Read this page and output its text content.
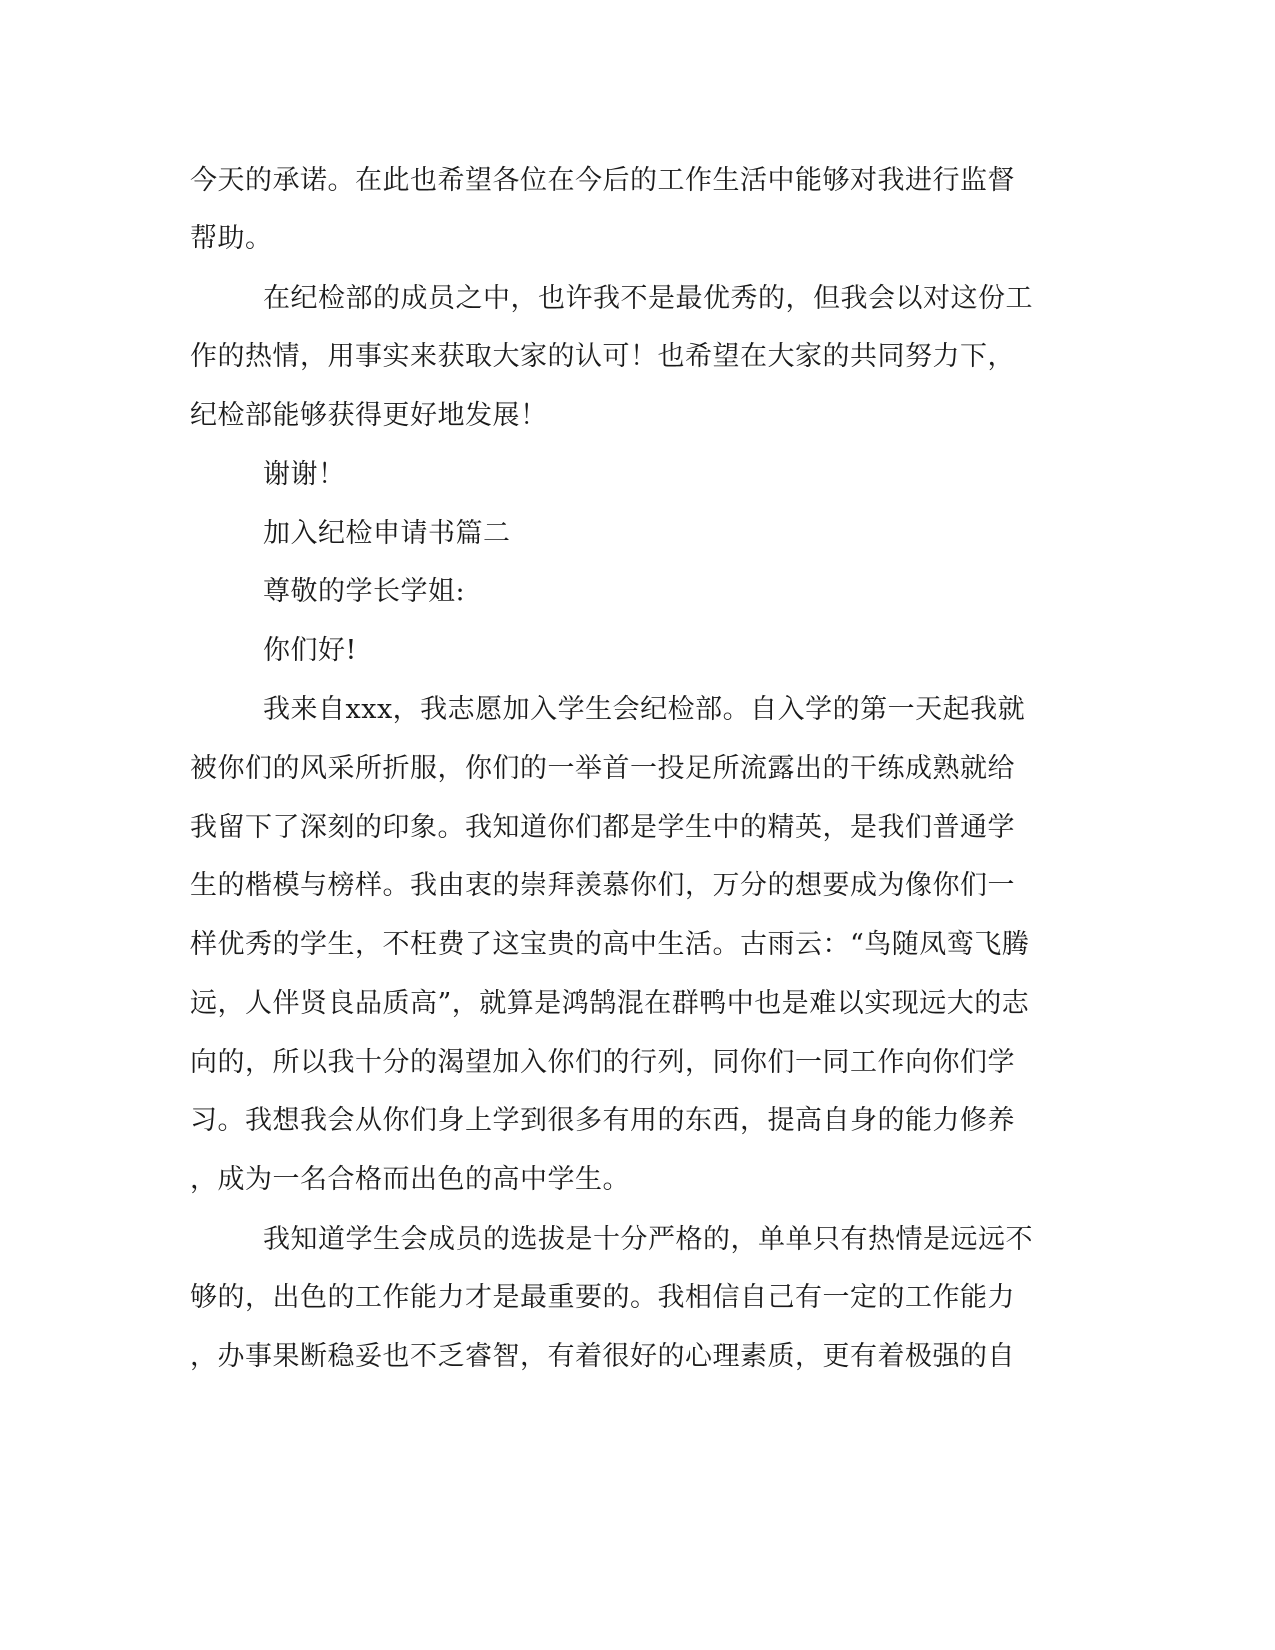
今天的承诺。在此也希望各位在今后的工作生活中能够对我进行监督
帮助。
在纪检部的成员之中，也许我不是最优秀的，但我会以对这份工
作的热情，用事实来获取大家的认可！也希望在大家的共同努力下，
纪检部能够获得更好地发展！
谢谢！
加入纪检申请书篇二
尊敬的学长学姐:
你们好!
我来自xxx，我志愿加入学生会纪检部。自入学的第一天起我就
被你们的风采所折服，你们的一举首一投足所流露出的干练成熟就给
我留下了深刻的印象。我知道你们都是学生中的精英，是我们普通学
生的楷模与榜样。我由衷的崇拜羡慕你们，万分的想要成为像你们一
样优秀的学生，不枉费了这宝贵的高中生活。古雨云：“鸟随凤鸾飞腾
远，人伴贤良品质高”，就算是鸿鹄混在群鸭中也是难以实现远大的志
向的，所以我十分的渴望加入你们的行列，同你们一同工作向你们学
习。我想我会从你们身上学到很多有用的东西，提高自身的能力修养
，成为一名合格而出色的高中学生。
我知道学生会成员的选拔是十分严格的，单单只有热情是远远不
够的，出色的工作能力才是最重要的。我相信自己有一定的工作能力
，办事果断稳妥也不乏睿智，有着很好的心理素质，更有着极强的自
